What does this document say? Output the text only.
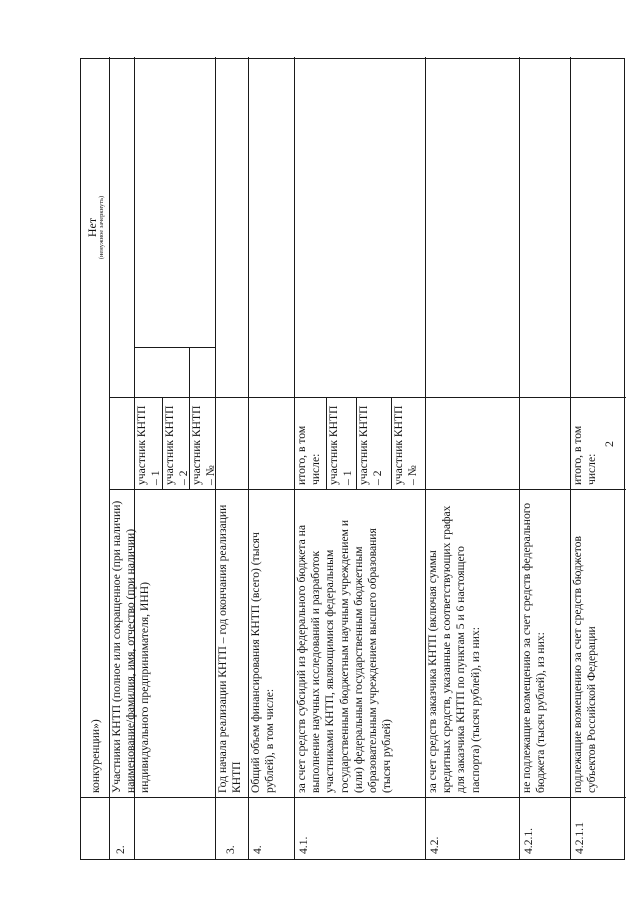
2
конкуренции»)
Нет (ненужное зачеркнуть)
2.
Участники КНТП (полное или сокращенное (при наличии) наименование/фамилия, имя, отчество (при наличии) индивидуального предпринимателя, ИНН)
участник КНТП – 1 участник КНТП – 2 участник КНТП – №
3.
Год начала реализации КНТП – год окончания реализации КНТП
4.
Общий объем финансирования КНТП (всего) (тысяч рублей), в том числе:
4.1.
за счет средств субсидий из федерального бюджета на выполнение научных исследований и разработок участниками КНТП, являющимися федеральным государственным бюджетным научным учреждением и (или) федеральным государственным бюджетным образовательным учреждением высшего образования (тысяч рублей)
итого, в том числе: участник КНТП – 1 участник КНТП – 2 участник КНТП – №
4.2.
за счет средств заказчика КНТП (включая суммы кредитных средств, указанные в соответствующих графах для заказчика КНТП по пунктам 5 и 6 настоящего паспорта) (тысяч рублей), из них:
4.2.1.
не подлежащие возмещению за счет средств федерального бюджета (тысяч рублей), из них:
4.2.1.1
подлежащие возмещению за счет средств бюджетов субъектов Российской Федерации
итого, в том числе:
